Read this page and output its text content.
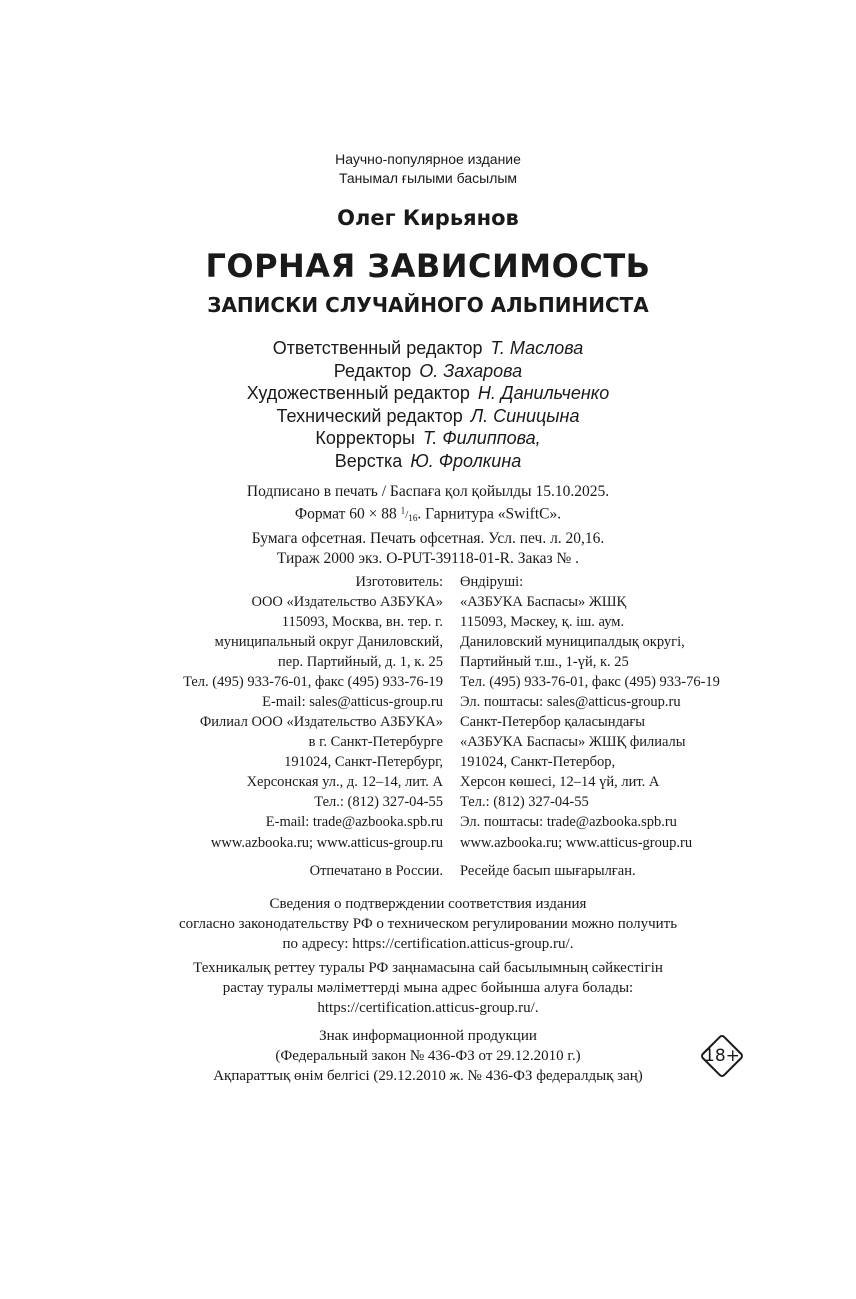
Научно-популярное издание
Танымал ғылыми басылым
Олег Кирьянов
ГОРНАЯ ЗАВИСИМОСТЬ
ЗАПИСКИ СЛУЧАЙНОГО АЛЬПИНИСТА
Ответственный редактор Т. Маслова
Редактор О. Захарова
Художественный редактор Н. Данильченко
Технический редактор Л. Синицына
Корректоры Т. Филиппова,
Верстка Ю. Фролкина
Подписано в печать / Баспаға қол қойылды 15.10.2025.
Формат 60 × 88 $^1/_{16}$. Гарнитура «SwiftC».
Бумага офсетная. Печать офсетная. Усл. печ. л. 20,16.
Тираж 2000 экз. O-PUT-39118-01-R. Заказ № .
Изготовитель: Өндіруші:
ООО «Издательство АЗБУКА» «АЗБУКА Баспасы» ЖШҚ
115093, Москва, вн. тер. г. 115093, Мәскеу, қ. іш. аум.
муниципальный округ Даниловский, Даниловский муниципалдық округі,
пер. Партийный, д. 1, к. 25 Партийный т.ш., 1-үй, к. 25
Тел. (495) 933-76-01, факс (495) 933-76-19 Тел. (495) 933-76-01, факс (495) 933-76-19
E-mail: sales@atticus-group.ru Эл. поштасы: sales@atticus-group.ru
Филиал ООО «Издательство АЗБУКА» Санкт-Петербор қаласындағы
в г. Санкт-Петербурге «АЗБУКА Баспасы» ЖШҚ филиалы
191024, Санкт-Петербург, 191024, Санкт-Петербор,
Херсонская ул., д. 12–14, лит. А Херсон көшесі, 12–14 үй, лит. А
Тел.: (812) 327-04-55 Тел.: (812) 327-04-55
E-mail: trade@azbooka.spb.ru Эл. поштасы: trade@azbooka.spb.ru
www.azbooka.ru; www.atticus-group.ru www.azbooka.ru; www.atticus-group.ru
Отпечатано в России. Ресейде басып шығарылған.
Сведения о подтверждении соответствия издания
согласно законодательству РФ о техническом регулировании можно получить
по адресу: https://certification.atticus-group.ru/.
Техникалық реттеу туралы РФ заңнамасына сай басылымның сәйкестігін
растау туралы мәліметтерді мына адрес бойынша алуға болады:
https://certification.atticus-group.ru/.
Знак информационной продукции
(Федеральный закон № 436-ФЗ от 29.12.2010 г.)
Ақпараттық өнім белгісі (29.12.2010 ж. № 436-ФЗ федералдық заң)
18+
